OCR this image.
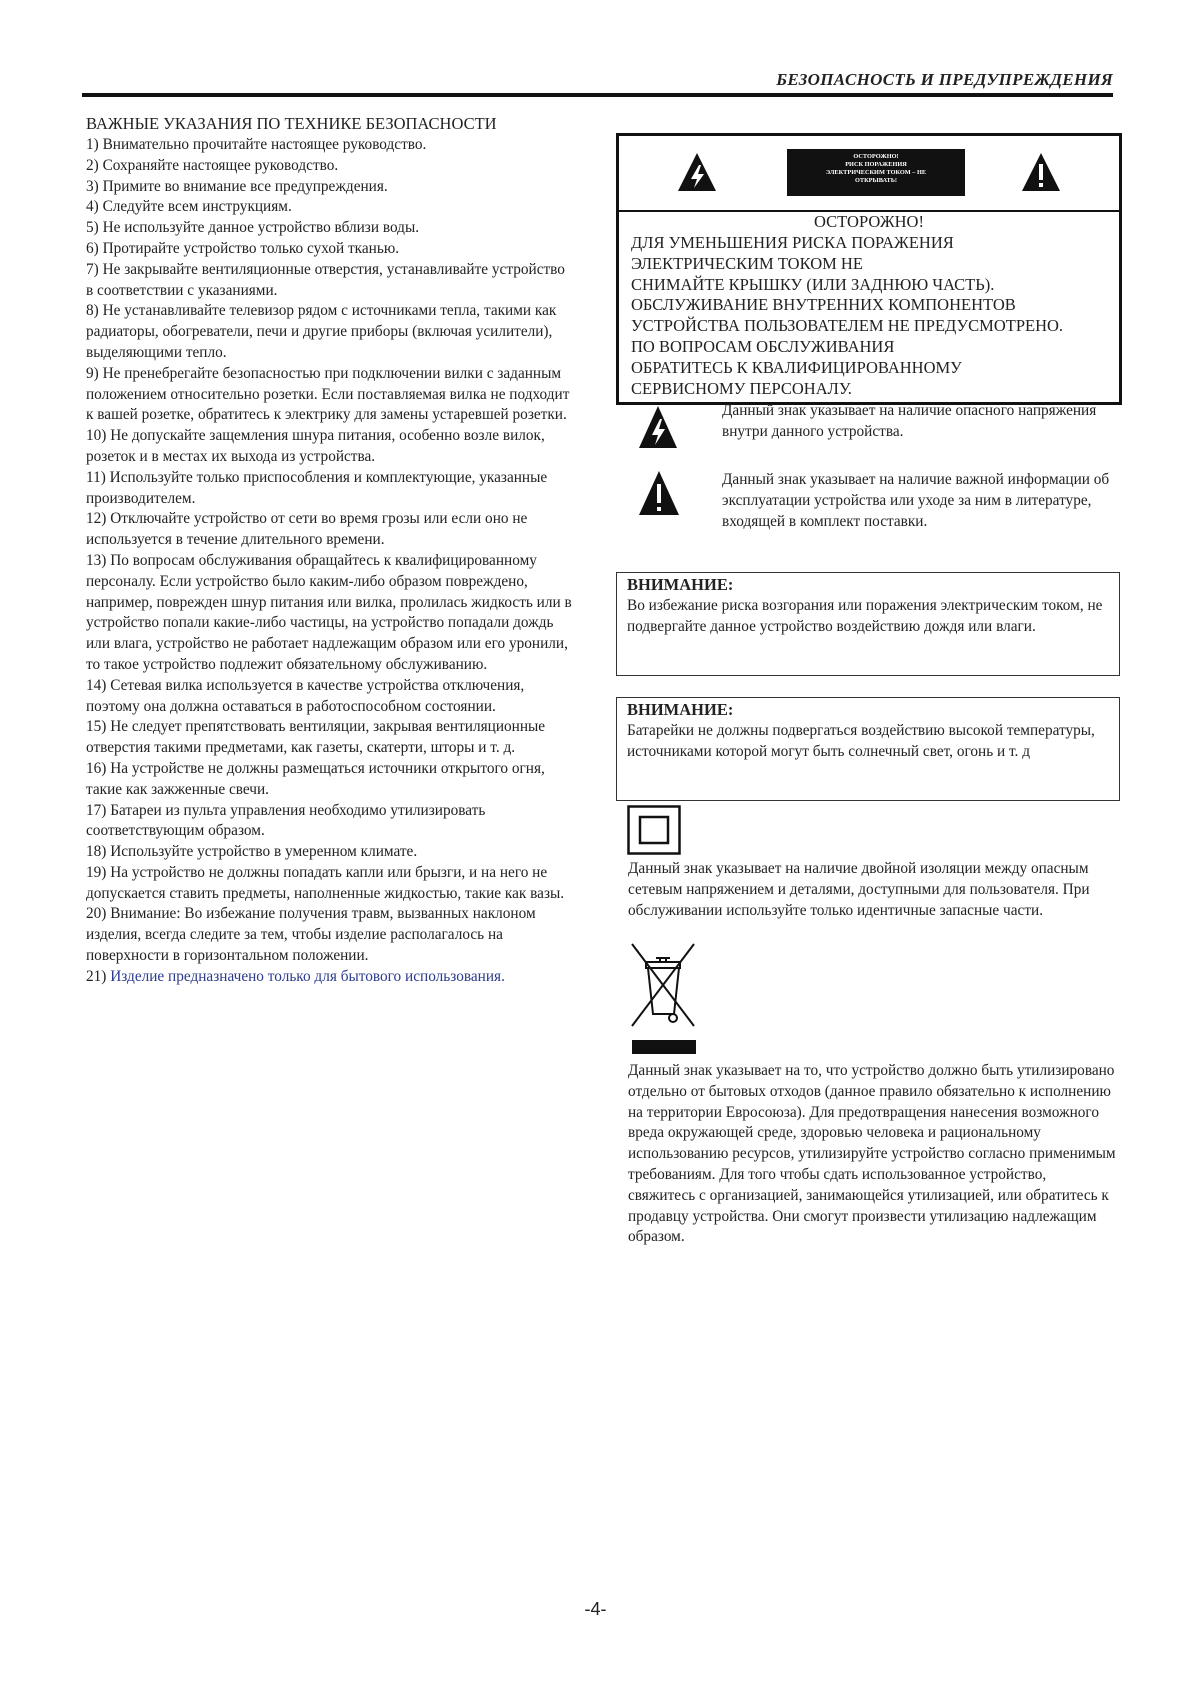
БЕЗОПАСНОСТЬ И ПРЕДУПРЕЖДЕНИЯ
ВАЖНЫЕ УКАЗАНИЯ ПО ТЕХНИКЕ БЕЗОПАСНОСТИ

1) Внимательно прочитайте настоящее руководство.

2) Сохраняйте настоящее руководство.

3) Примите во внимание все предупреждения.

4) Следуйте всем инструкциям.

5) Не используйте данное устройство вблизи воды.

6) Протирайте устройство только сухой тканью.

7) Не закрывайте вентиляционные отверстия, устанавливайте устройство в соответствии с указаниями.

8) Не устанавливайте телевизор рядом с источниками тепла, такими как радиаторы, обогреватели, печи и другие приборы (включая усилители), выделяющими тепло.

9) Не пренебрегайте безопасностью при подключении вилки с заданным положением относительно розетки. Если поставляемая вилка не подходит к вашей розетке, обратитесь к электрику для замены устаревшей розетки.

10) Не допускайте защемления шнура питания, особенно возле вилок, розеток и в местах их выхода из устройства.

11) Используйте только приспособления и комплектующие, указанные производителем.

12) Отключайте устройство от сети во время грозы или если оно не используется в течение длительного времени.

13) По вопросам обслуживания обращайтесь к квалифицированному персоналу. Если устройство было каким-либо образом повреждено, например, поврежден шнур питания или вилка, пролилась жидкость или в устройство попали какие-либо частицы, на устройство попадали дождь или влага, устройство не работает надлежащим образом или его уронили, то такое устройство подлежит обязательному обслуживанию.

14) Сетевая вилка используется в качестве устройства отключения, поэтому она должна оставаться в работоспособном состоянии.

15) Не следует препятствовать вентиляции, закрывая вентиляционные отверстия такими предметами, как газеты, скатерти, шторы и т. д.

16) На устройстве не должны размещаться источники открытого огня, такие как зажженные свечи.

17) Батареи из пульта управления необходимо утилизировать соответствующим образом.

18) Используйте устройство в умеренном климате.

19) На устройство не должны попадать капли или брызги, и на него не допускается ставить предметы, наполненные жидкостью, такие как вазы.

20) Внимание: Во избежание получения травм, вызванных наклоном изделия, всегда следите за тем, чтобы изделие располагалось на поверхности в горизонтальном положении.

21) Изделие предназначено только для бытового использования.

ОСТОРОЖНО!
РИСК ПОРАЖЕНИЯ
ЭЛЕКТРИЧЕСКИМ ТОКОМ – НЕ
ОТКРЫВАТЬ!
ОСТОРОЖНО!
ДЛЯ УМЕНЬШЕНИЯ РИСКА ПОРАЖЕНИЯ
ЭЛЕКТРИЧЕСКИМ ТОКОМ НЕ
СНИМАЙТЕ КРЫШКУ (ИЛИ ЗАДНЮЮ ЧАСТЬ).
ОБСЛУЖИВАНИЕ ВНУТРЕННИХ КОМПОНЕНТОВ
УСТРОЙСТВА ПОЛЬЗОВАТЕЛЕМ НЕ ПРЕДУСМОТРЕНО.
ПО ВОПРОСАМ ОБСЛУЖИВАНИЯ
ОБРАТИТЕСЬ К КВАЛИФИЦИРОВАННОМУ
СЕРВИСНОМУ ПЕРСОНАЛУ.
Данный знак указывает на наличие опасного напряжения внутри данного устройства.
Данный знак указывает на наличие важной информации об эксплуатации устройства или уходе за ним в литературе, входящей в комплект поставки.
ВНИМАНИЕ:
Во избежание риска возгорания или поражения электрическим током, не подвергайте данное устройство воздействию дождя или влаги.
ВНИМАНИЕ:
Батарейки не должны подвергаться воздействию высокой температуры, источниками которой могут быть солнечный свет, огонь и т. д
Данный знак указывает на наличие двойной изоляции между опасным сетевым напряжением и деталями, доступными для пользователя. При обслуживании используйте только идентичные запасные части.
Данный знак указывает на то, что устройство должно быть утилизировано отдельно от бытовых отходов (данное правило обязательно к исполнению на территории Евросоюза). Для предотвращения нанесения возможного вреда окружающей среде, здоровью человека и рациональному использованию ресурсов, утилизируйте устройство согласно применимым требованиям. Для того чтобы сдать использованное устройство, свяжитесь с организацией, занимающейся утилизацией, или обратитесь к продавцу устройства. Они смогут произвести утилизацию надлежащим образом.
-4-
